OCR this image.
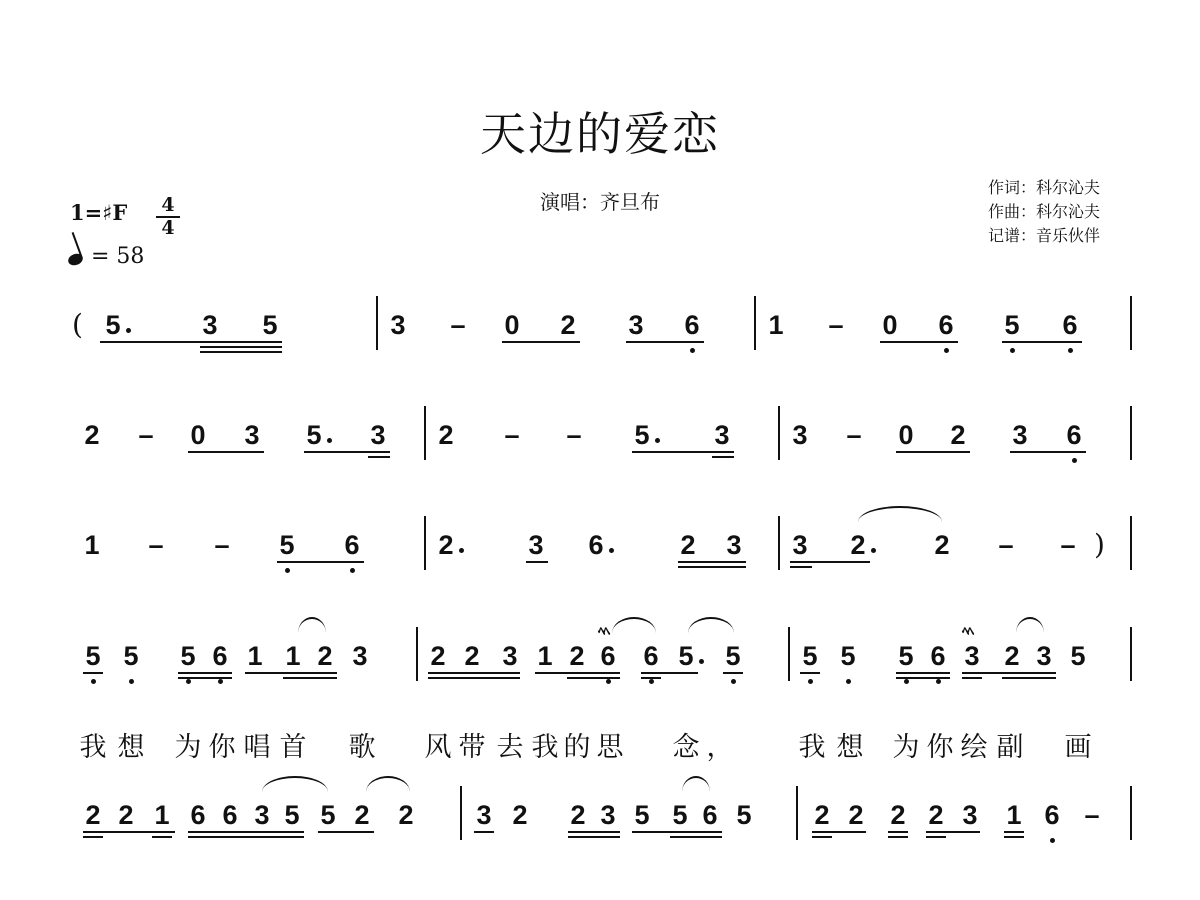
天边的爱恋
演唱：齐旦布
作词：科尔沁夫
作曲：科尔沁夫
记谱：音乐伙伴
1=♯F 4
4
= 58
( 5	3 5	3 – 0 2 3 6	1 – 0 6 5 6
2 – 0 3 5 3 2 – – 5 3 3 – 0 2 3 6
1 – – 5 6	2	3 6	2 3 3 2	2 – – )
5 5 5 6 1 1 2 3 2 2 3 1 2 6
ﾍﾍ
6 5 5 5 5 5 6 3
ﾍﾍ
2 3 5
我 想 为 你 唱 首 歌 风 带 去 我 的 思 念 ， 我 想 为 你 绘 副 画
2 2 1 6 6 3 5 5 2 2 3 2 2 3 5 5 6 5 2 2 2 2 3 1 6 –
